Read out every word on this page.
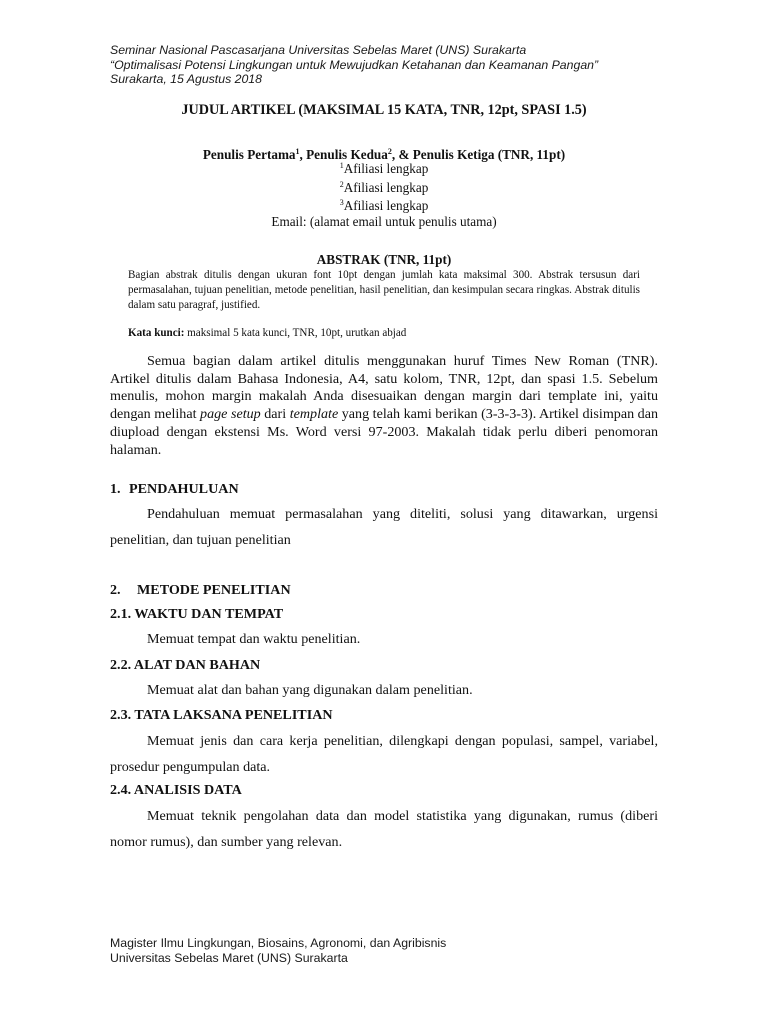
Seminar Nasional Pascasarjana Universitas Sebelas Maret (UNS) Surakarta
“Optimalisasi Potensi Lingkungan untuk Mewujudkan Ketahanan dan Keamanan Pangan”
Surakarta, 15 Agustus 2018
JUDUL ARTIKEL (MAKSIMAL 15 KATA, TNR, 12pt, SPASI 1.5)
Penulis Pertama$^1$, Penulis Kedua$^2$, & Penulis Ketiga (TNR, 11pt)
$^1$Afiliasi lengkap
$^2$Afiliasi lengkap
$^3$Afiliasi lengkap
Email: (alamat email untuk penulis utama)
ABSTRAK (TNR, 11pt)
Bagian abstrak ditulis dengan ukuran font 10pt dengan jumlah kata maksimal 300. Abstrak tersusun dari permasalahan, tujuan penelitian, metode penelitian, hasil penelitian, dan kesimpulan secara ringkas. Abstrak ditulis dalam satu paragraf, justified.
Kata kunci: maksimal 5 kata kunci, TNR, 10pt, urutkan abjad
Semua bagian dalam artikel ditulis menggunakan huruf Times New Roman (TNR). Artikel ditulis dalam Bahasa Indonesia, A4, satu kolom, TNR, 12pt, dan spasi 1.5. Sebelum menulis, mohon margin makalah Anda disesuaikan dengan margin dari template ini, yaitu dengan melihat page setup dari template yang telah kami berikan (3-3-3-3). Artikel disimpan dan diupload dengan ekstensi Ms. Word versi 97-2003. Makalah tidak perlu diberi penomoran halaman.
1. PENDAHULUAN
Pendahuluan memuat permasalahan yang diteliti, solusi yang ditawarkan, urgensi penelitian, dan tujuan penelitian
2. METODE PENELITIAN
2.1. WAKTU DAN TEMPAT
Memuat tempat dan waktu penelitian.
2.2. ALAT DAN BAHAN
Memuat alat dan bahan yang digunakan dalam penelitian.
2.3. TATA LAKSANA PENELITIAN
Memuat jenis dan cara kerja penelitian, dilengkapi dengan populasi, sampel, variabel, prosedur pengumpulan data.
2.4. ANALISIS DATA
Memuat teknik pengolahan data dan model statistika yang digunakan, rumus (diberi nomor rumus), dan sumber yang relevan.
Magister Ilmu Lingkungan, Biosains, Agronomi, dan Agribisnis
Universitas Sebelas Maret (UNS) Surakarta
